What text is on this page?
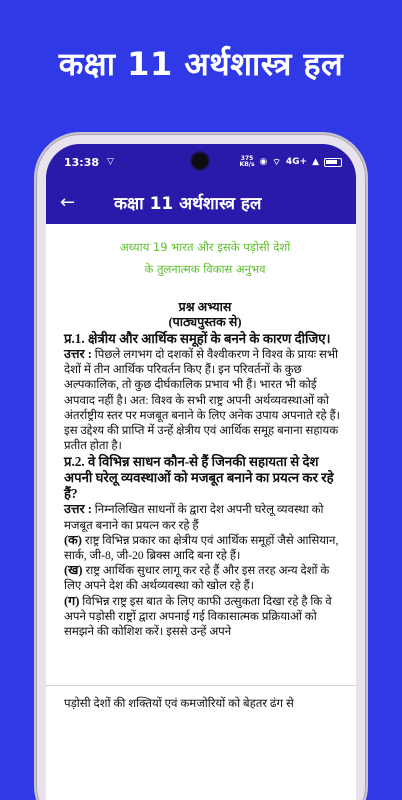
कक्षा 11 अर्थशास्त्र हल
13:38 ▽	375
KB/s ◉ ⌔ 4G+ ▲
←	कक्षा 11 अर्थशास्त्र हल
अध्याय 19 भारत और इसके पड़ोसी देशों
के तुलनात्मक विकास अनुभव
प्रश्न अभ्यास
(पाठ्यपुस्तक से)
प्र.1. क्षेत्रीय और आर्थिक समूहों के बनने के कारण दीजिए।
उत्तर : पिछले लगभग दो दशकों से वैश्वीकरण ने विश्व के प्रायः सभी देशों में तीन आर्थिक परिवर्तन किए हैं। इन परिवर्तनों के कुछ अल्पकालिक, तो कुछ दीर्घकालिक प्रभाव भी हैं। भारत भी कोई अपवाद नहीं है। अत: विश्व के सभी राष्ट्र अपनी अर्थव्यवस्थाओं को अंतर्राष्ट्रीय स्तर पर मजबूत बनाने के लिए अनेक उपाय अपनाते रहे हैं। इस उद्देश्य की प्राप्ति में उन्हें क्षेत्रीय एवं आर्थिक समूह बनाना सहायक प्रतीत होता है।
प्र.2. वे विभिन्न साधन कौन-से हैं जिनकी सहायता से देश अपनी घरेलू व्यवस्थाओं को मजबूत बनाने का प्रयत्न कर रहे हैं?
उत्तर : निम्नलिखित साधनों के द्वारा देश अपनी घरेलू व्यवस्था को मजबूत बनाने का प्रयत्न कर रहे हैं
(क) राष्ट्र विभिन्न प्रकार का क्षेत्रीय एवं आर्थिक समूहों जैसे आसियान, सार्क, जी-8, जी-20 ब्रिक्स आदि बना रहे हैं।
(ख) राष्ट्र आर्थिक सुधार लागू कर रहे हैं और इस तरह अन्य देशों के लिए अपने देश की अर्थव्यवस्था को खोल रहे हैं।
(ग) विभिन्न राष्ट्र इस बात के लिए काफी उत्सुकता दिखा रहे है कि वे अपने पड़ोसी राष्ट्रों द्वारा अपनाई गई विकासात्मक प्रक्रियाओं को समझने की कोशिश करें। इससे उन्हें अपने
पड़ोसी देशों की शक्तियों एवं कमजोरियों को बेहतर ढंग से
